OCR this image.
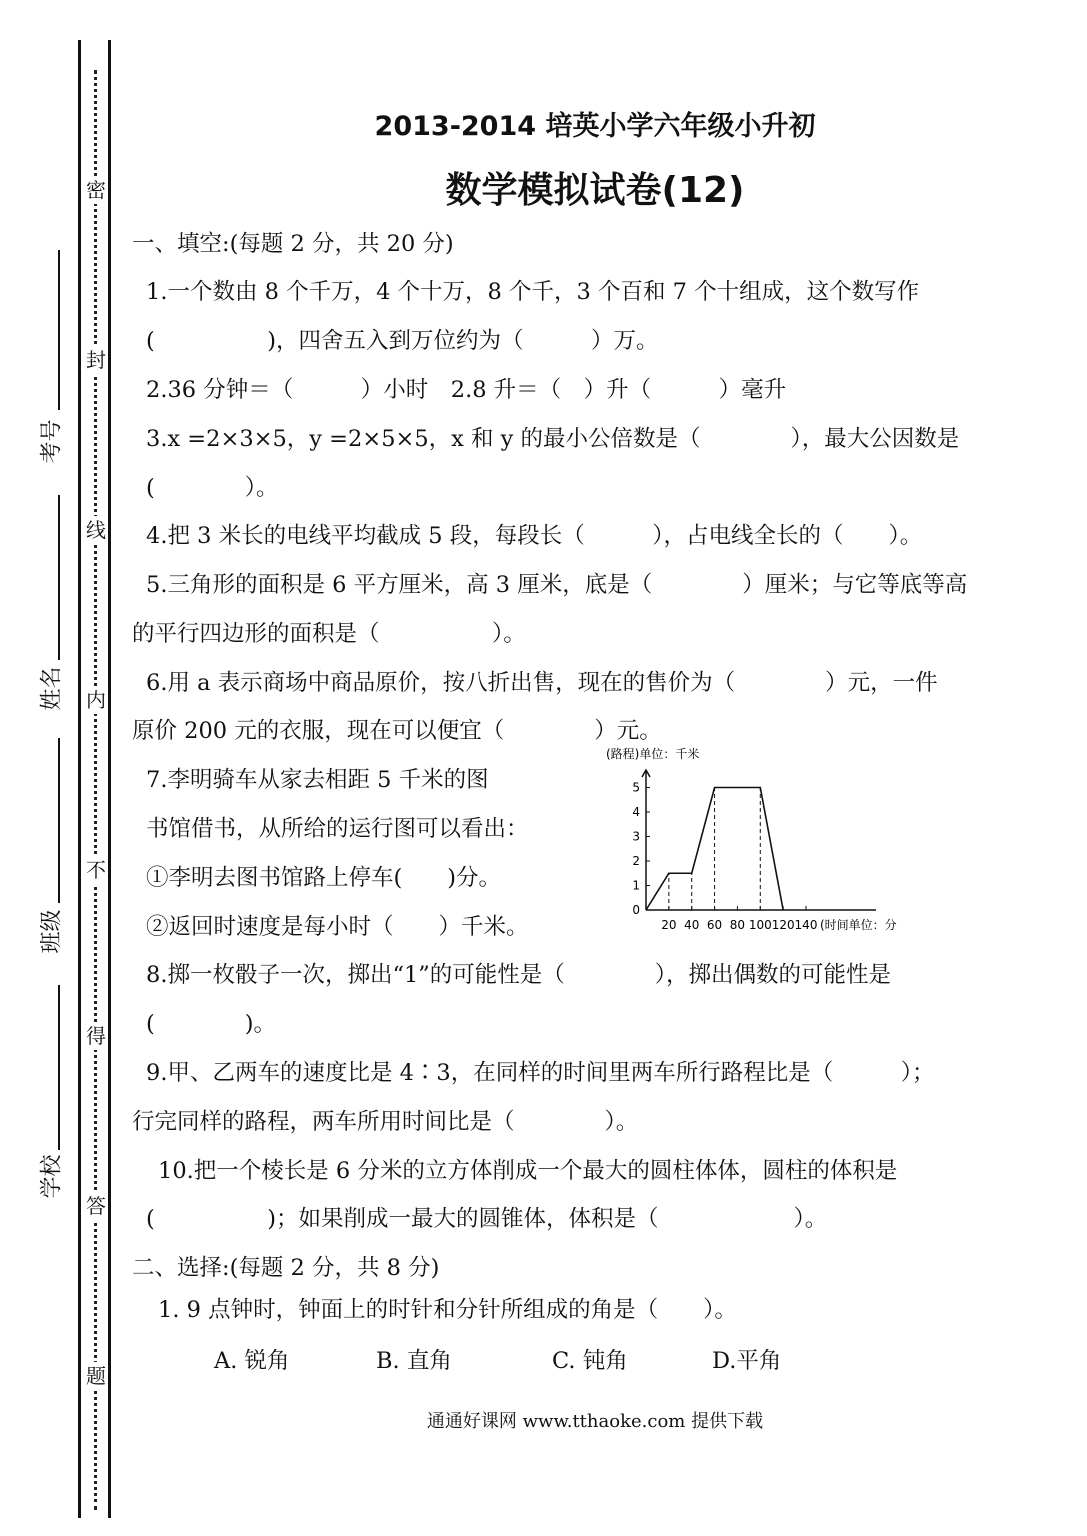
密
封
线
内
不
得
答
题
考号
姓名
班级
学校
2013-2014 培英小学六年级小升初
数学模拟试卷(12)
一、填空:(每题 2 分，共 20 分)
1.一个数由 8 个千万，4 个十万，8 个千，3 个百和 7 个十组成，这个数写作
(　　　　　)，四舍五入到万位约为（　　　）万。
2.36 分钟＝（　　　）小时　2.8 升＝（　）升（　　　）毫升
3.x =2×3×5，y =2×5×5，x 和 y 的最小公倍数是（　　　　），最大公因数是
(　　　　）。
4.把 3 米长的电线平均截成 5 段，每段长（　　　），占电线全长的（　　）。
5.三角形的面积是 6 平方厘米，高 3 厘米，底是（　　　　）厘米；与它等底等高
的平行四边形的面积是（　　　　　）。
6.用 a 表示商场中商品原价，按八折出售，现在的售价为（　　　　）元，一件
原价 200 元的衣服，现在可以便宜（　　　　）元。
7.李明骑车从家去相距 5 千米的图
书馆借书，从所给的运行图可以看出：
①李明去图书馆路上停车(　　)分。
②返回时速度是每小时（　　）千米。
8.掷一枚骰子一次，掷出“1”的可能性是（　　　　），掷出偶数的可能性是
(　　　　)。
9.甲、乙两车的速度比是 4∶3，在同样的时间里两车所行路程比是（　　　）；
行完同样的路程，两车所用时间比是（　　　　）。
10.把一个棱长是 6 分米的立方体削成一个最大的圆柱体体，圆柱的体积是
(　　　　　)；如果削成一最大的圆锥体，体积是（　　　　　　）。
二、选择:(每题 2 分，共 8 分)
1. 9 点钟时，钟面上的时针和分针所组成的角是（　　）。
A. 锐角	B. 直角	C. 钝角	D.平角
(路程)单位：千米
(时间单位：分
20 40 60 80 100 120 140
0
1
2
3
4
5
通通好课网 www.tthaoke.com 提供下载
